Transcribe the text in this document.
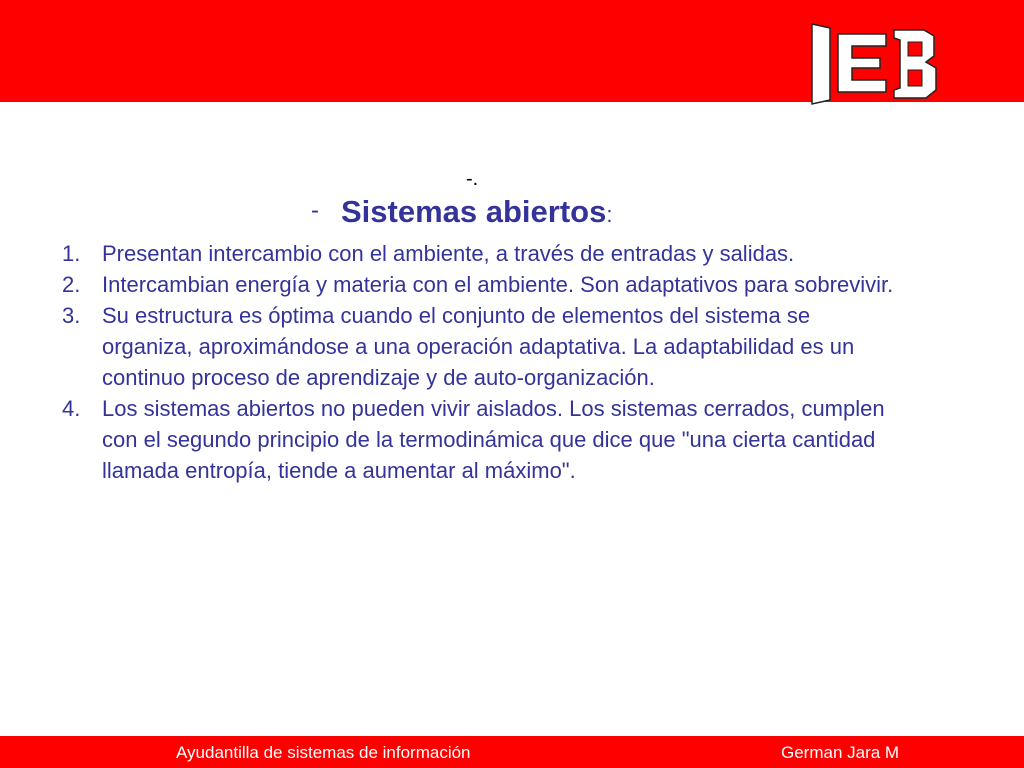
-.
- Sistemas abiertos:
1. Presentan intercambio con el ambiente, a través de entradas y salidas.
2. Intercambian energía y materia con el ambiente. Son adaptativos para sobrevivir.
3. Su estructura es óptima cuando el conjunto de elementos del sistema se organiza, aproximándose a una operación adaptativa. La adaptabilidad es un continuo proceso de aprendizaje y de auto-organización.
4. Los sistemas abiertos no pueden vivir aislados. Los sistemas cerrados, cumplen con el segundo principio de la termodinámica que dice que "una cierta cantidad llamada entropía, tiende a aumentar al máximo".
Ayudantilla de sistemas de información	German Jara M
